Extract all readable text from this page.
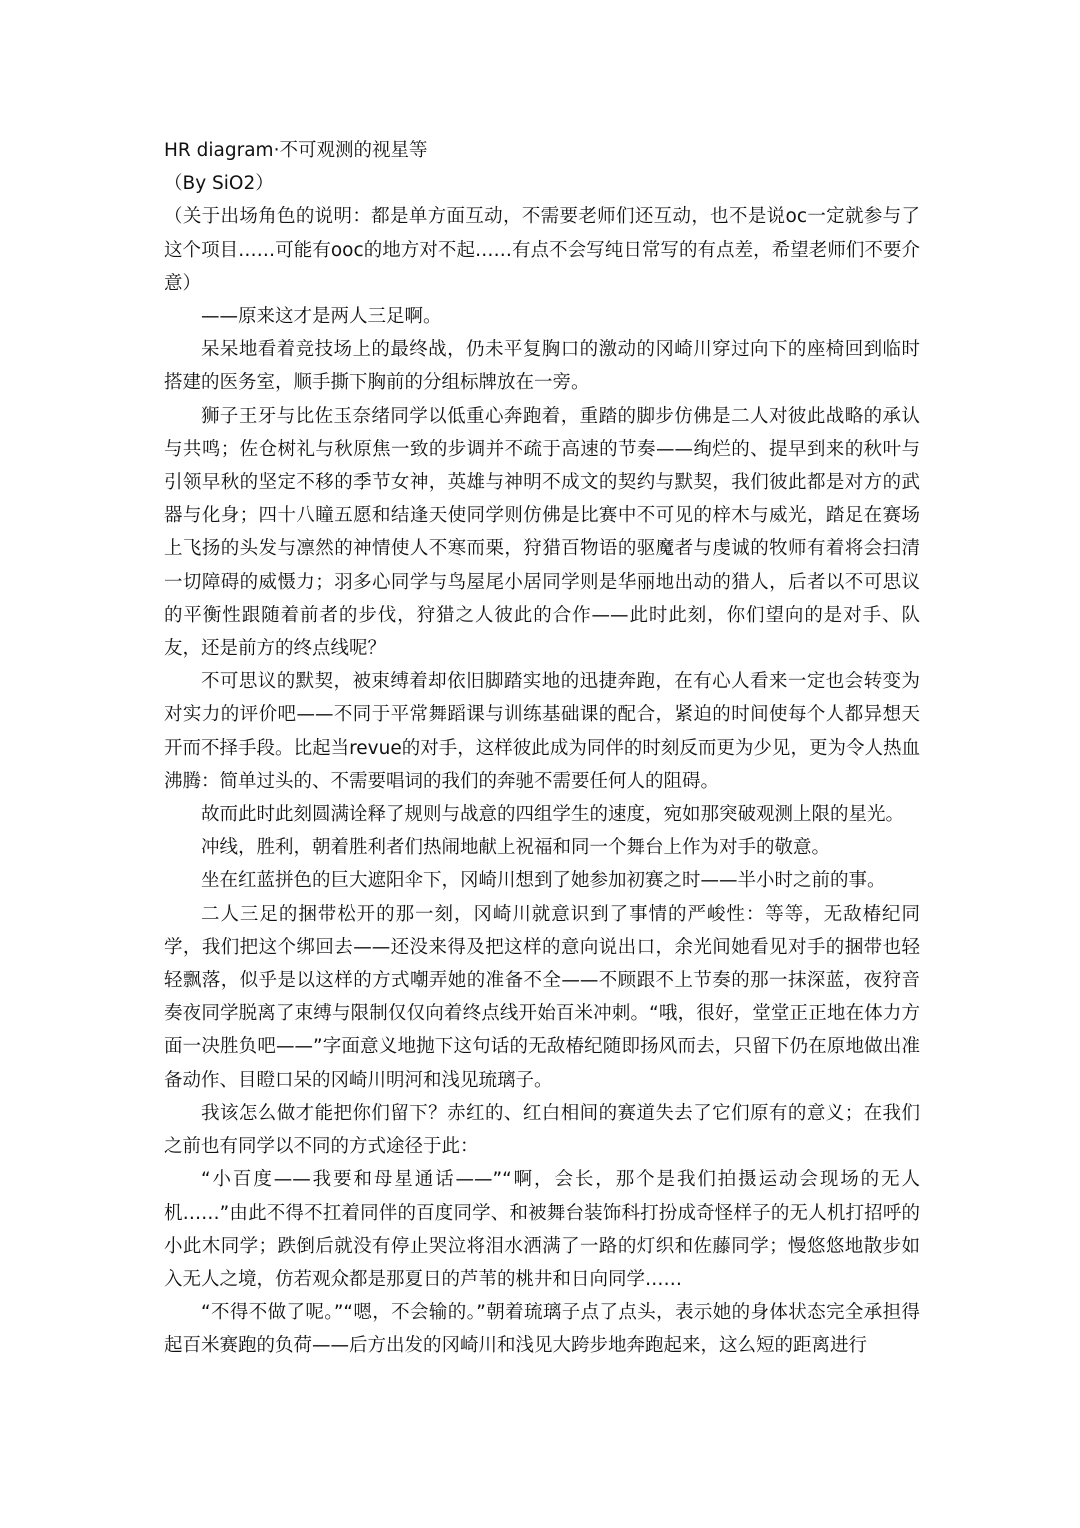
HR diagram·不可观测的视星等

（By SiO2）

（关于出场角色的说明：都是单方面互动，不需要老师们还互动，也不是说oc一定就参与了这个项目……可能有ooc的地方对不起……有点不会写纯日常写的有点差，希望老师们不要介意）

——原来这才是两人三足啊。

呆呆地看着竞技场上的最终战，仍未平复胸口的激动的冈崎川穿过向下的座椅回到临时搭建的医务室，顺手撕下胸前的分组标牌放在一旁。

狮子王牙与比佐玉奈绪同学以低重心奔跑着，重踏的脚步仿佛是二人对彼此战略的承认与共鸣；佐仓树礼与秋原焦一致的步调并不疏于高速的节奏——绚烂的、提早到来的秋叶与引领早秋的坚定不移的季节女神，英雄与神明不成文的契约与默契，我们彼此都是对方的武器与化身；四十八瞳五愿和结逢天使同学则仿佛是比赛中不可见的梓木与威光，踏足在赛场上飞扬的头发与凛然的神情使人不寒而栗，狩猎百物语的驱魔者与虔诚的牧师有着将会扫清一切障碍的威慑力；羽多心同学与鸟屋尾小居同学则是华丽地出动的猎人，后者以不可思议的平衡性跟随着前者的步伐，狩猎之人彼此的合作——此时此刻，你们望向的是对手、队友，还是前方的终点线呢？

不可思议的默契，被束缚着却依旧脚踏实地的迅捷奔跑，在有心人看来一定也会转变为对实力的评价吧——不同于平常舞蹈课与训练基础课的配合，紧迫的时间使每个人都异想天开而不择手段。比起当revue的对手，这样彼此成为同伴的时刻反而更为少见，更为令人热血沸腾：简单过头的、不需要唱词的我们的奔驰不需要任何人的阻碍。

故而此时此刻圆满诠释了规则与战意的四组学生的速度，宛如那突破观测上限的星光。

冲线，胜利，朝着胜利者们热闹地献上祝福和同一个舞台上作为对手的敬意。

坐在红蓝拼色的巨大遮阳伞下，冈崎川想到了她参加初赛之时——半小时之前的事。

二人三足的捆带松开的那一刻，冈崎川就意识到了事情的严峻性：等等，无敌椿纪同学，我们把这个绑回去——还没来得及把这样的意向说出口，余光间她看见对手的捆带也轻轻飘落，似乎是以这样的方式嘲弄她的准备不全——不顾跟不上节奏的那一抹深蓝，夜狩音奏夜同学脱离了束缚与限制仅仅向着终点线开始百米冲刺。“哦，很好，堂堂正正地在体力方面一决胜负吧——”字面意义地抛下这句话的无敌椿纪随即扬风而去，只留下仍在原地做出准备动作、目瞪口呆的冈崎川明河和浅见琉璃子。

我该怎么做才能把你们留下？赤红的、红白相间的赛道失去了它们原有的意义；在我们之前也有同学以不同的方式途径于此：

“小百度——我要和母星通话——”“啊，会长，那个是我们拍摄运动会现场的无人机……”由此不得不扛着同伴的百度同学、和被舞台装饰科打扮成奇怪样子的无人机打招呼的小此木同学；跌倒后就没有停止哭泣将泪水洒满了一路的灯织和佐藤同学；慢悠悠地散步如入无人之境，仿若观众都是那夏日的芦苇的桃井和日向同学……

“不得不做了呢。”“嗯，不会输的。”朝着琉璃子点了点头，表示她的身体状态完全承担得起百米赛跑的负荷——后方出发的冈崎川和浅见大跨步地奔跑起来，这么短的距离进行
